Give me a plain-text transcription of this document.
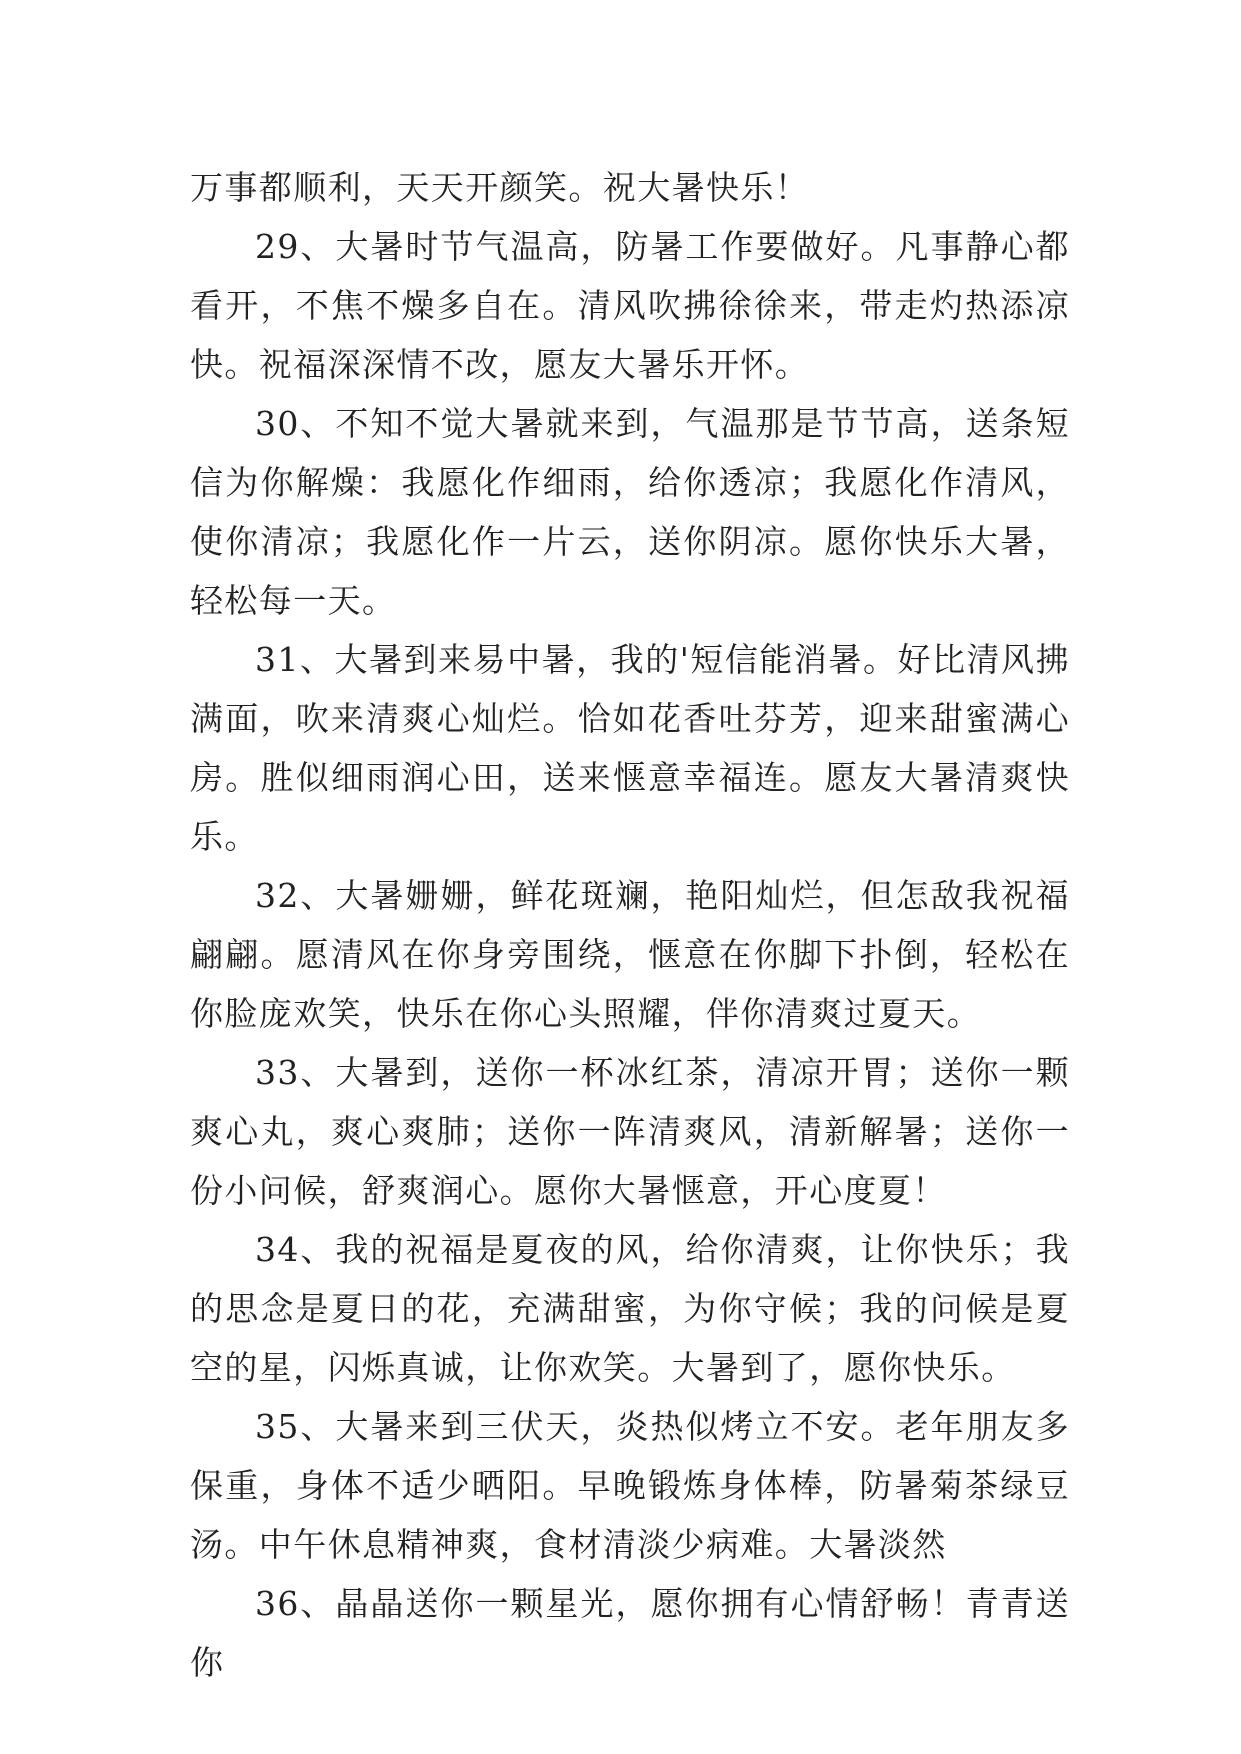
万事都顺利，天天开颜笑。祝大暑快乐！

29、大暑时节气温高，防暑工作要做好。凡事静心都看开，不焦不燥多自在。清风吹拂徐徐来，带走灼热添凉快。祝福深深情不改，愿友大暑乐开怀。

30、不知不觉大暑就来到，气温那是节节高，送条短信为你解燥：我愿化作细雨，给你透凉；我愿化作清风，使你清凉；我愿化作一片云，送你阴凉。愿你快乐大暑，轻松每一天。

31、大暑到来易中暑，我的'短信能消暑。好比清风拂满面，吹来清爽心灿烂。恰如花香吐芬芳，迎来甜蜜满心房。胜似细雨润心田，送来惬意幸福连。愿友大暑清爽快乐。

32、大暑姗姗，鲜花斑斓，艳阳灿烂，但怎敌我祝福翩翩。愿清风在你身旁围绕，惬意在你脚下扑倒，轻松在你脸庞欢笑，快乐在你心头照耀，伴你清爽过夏天。

33、大暑到，送你一杯冰红茶，清凉开胃；送你一颗爽心丸，爽心爽肺；送你一阵清爽风，清新解暑；送你一份小问候，舒爽润心。愿你大暑惬意，开心度夏！

34、我的祝福是夏夜的风，给你清爽，让你快乐；我的思念是夏日的花，充满甜蜜，为你守候；我的问候是夏空的星，闪烁真诚，让你欢笑。大暑到了，愿你快乐。

35、大暑来到三伏天，炎热似烤立不安。老年朋友多保重，身体不适少晒阳。早晚锻炼身体棒，防暑菊茶绿豆汤。中午休息精神爽，食材清淡少病难。大暑淡然

36、晶晶送你一颗星光，愿你拥有心情舒畅！青青送你
